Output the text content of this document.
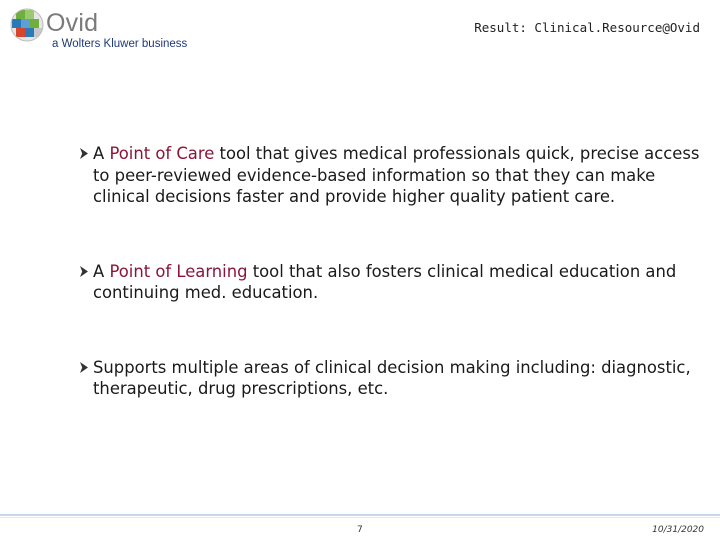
Ovid
a Wolters Kluwer business
Result: Clinical.Resource@Ovid
A Point of Care tool that gives medical professionals quick, precise access to peer-reviewed evidence-based information so that they can make clinical decisions faster and provide higher quality patient care.
A Point of Learning tool that also fosters clinical medical education and continuing med. education.
Supports multiple areas of clinical decision making including: diagnostic, therapeutic, drug prescriptions, etc.
7	10/31/2020
